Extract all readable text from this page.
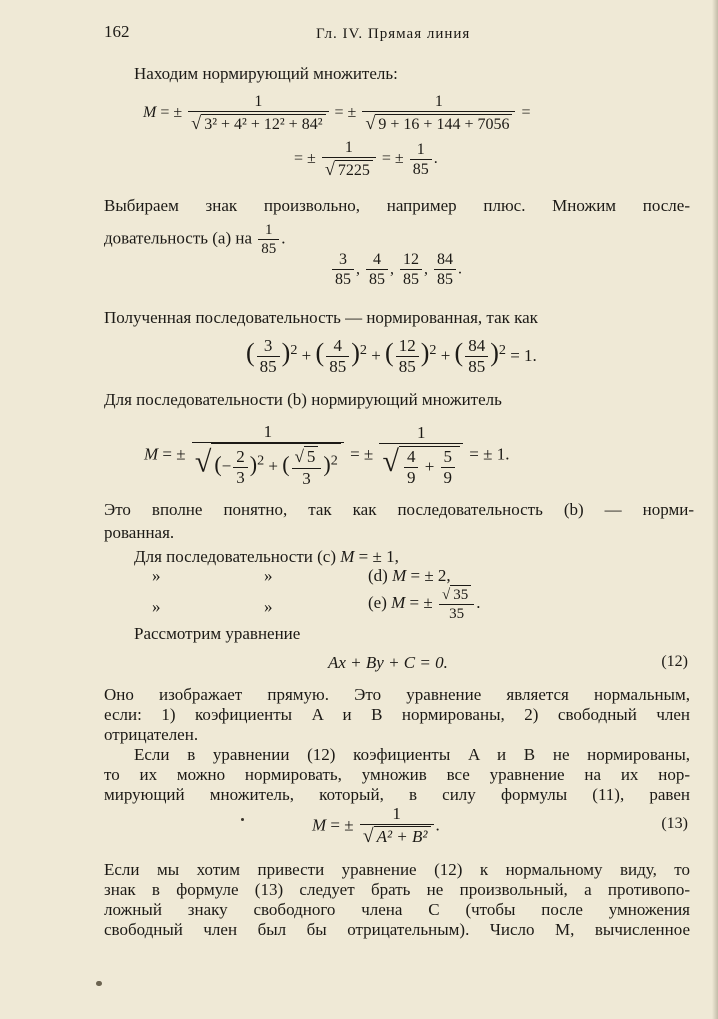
162	Гл. IV. Прямая линия
Находим нормирующий множитель:
M = ± $\frac{1}{\text{√ 3² + 4² + 12² + 84²}}$ = ± $\frac{1}{√ 9 + 16 + 144 + 7056}$ =
= ± $\frac{1}{√ 7225}$ = ± $\frac{1}{85}$ .
Выбираем знак произвольно, например плюс. Множим после-
довательность (a) на $\frac{1}{85}$ .
$\frac{3}{85}$ , $\frac{4}{85}$ , $\frac{12}{85}$ , $\frac{84}{85}$ .
Полученная последовательность — нормированная, так как
( $\frac{3}{85} )^2$ + ( $\frac{4}{85} )^2$ + ( $\frac{12}{85} )^2$ + ( $\frac{84}{85} )^2 = 1$.
Для последовательности (b) нормирующий множитель
M = ± $\frac{1}{√ (- \frac{2}{3} )^2 + ( \frac{√ 5}{3} )^2}$ = ± $\frac{1}{√ \frac{4}{9} + \frac{5}{9}}$ = ± 1.
Это вполне понятно, так как последовательность (b) — норми-
рованная.
Для последовательности (c) M = ± 1,
»	»	(d) M = ± 2,
»	»	(e) M = ± $\frac{√ 35}{35}$ .
Рассмотрим уравнение
Ax + By + C = 0.	(12)
Оно изображает прямую. Это уравнение является нормальным,
если: 1) коэфициенты A и B нормированы, 2) свободный член
отрицателен.
Если в уравнении (12) коэфициенты A и B не нормированы,
то их можно нормировать, умножив все уравнение на их нор-
мирующий множитель, который, в силу формулы (11), равен
M = ± $\frac{1}{\text{√ A² + B²}}$ .	(13)
Если мы хотим привести уравнение (12) к нормальному виду, то
знак в формуле (13) следует брать не произвольный, а противопо-
ложный знаку свободного члена C (чтобы после умножения
свободный член был бы отрицательным). Число M, вычисленное
